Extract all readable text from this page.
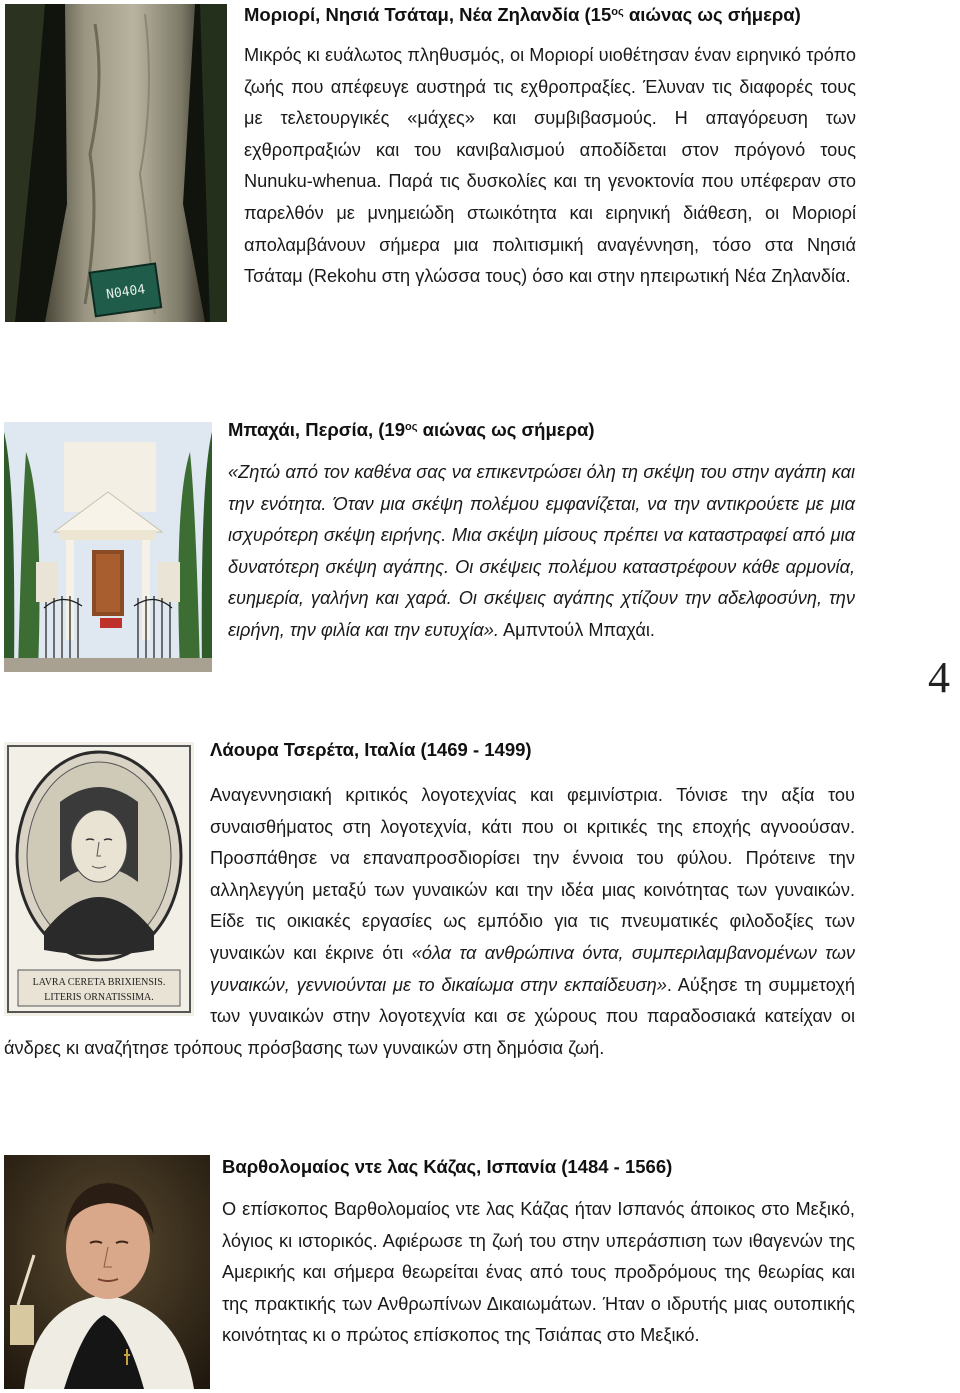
N0404
Μοριορί, Νησιά Τσάταμ, Νέα Ζηλανδία ($15^{o\varsigma}$ αιώνας ως σήμερα)
Μικρός κι ευάλωτος πληθυσμός, οι Μοριορί υιοθέτησαν έναν ειρηνικό τρόπο ζωής που απέφευγε αυστηρά τις εχθροπραξίες. Έλυναν τις διαφορές τους με τελετουργικές «μάχες» και συμβιβασμούς. Η απαγόρευση των εχθροπραξιών και του κανιβαλισμού αποδίδεται στον πρόγονό τους Nunuku-whenua. Παρά τις δυσκολίες και τη γενοκτονία που υπέφεραν στο παρελθόν με μνημειώδη στωικότητα και ειρηνική διάθεση, οι Μοριορί απολαμβάνουν σήμερα μια πολιτισμική αναγέννηση, τόσο στα Νησιά Τσάταμ (Rekohu στη γλώσσα τους) όσο και στην ηπειρωτική Νέα Ζηλανδία.
Μπαχάι, Περσία, ($19^{o\varsigma}$ αιώνας ως σήμερα)
«Ζητώ από τον καθένα σας να επικεντρώσει όλη τη σκέψη του στην αγάπη και την ενότητα. Όταν μια σκέψη πολέμου εμφανίζεται, να την αντικρούετε με μια ισχυρότερη σκέψη ειρήνης. Μια σκέψη μίσους πρέπει να καταστραφεί από μια δυνατότερη σκέψη αγάπης. Οι σκέψεις πολέμου καταστρέφουν κάθε αρμονία, ευημερία, γαλήνη και χαρά. Οι σκέψεις αγάπης χτίζουν την αδελφοσύνη, την ειρήνη, την φιλία και την ευτυχία». Αμπντούλ Μπαχάι.
4
LAVRA CERETA BRIXIENSIS.
LITERIS ORNATISSIMA.
Λάουρα Τσερέτα, Ιταλία (1469 - 1499)
Αναγεννησιακή κριτικός λογοτεχνίας και φεμινίστρια. Τόνισε την αξία του συναισθήματος στη λογοτεχνία, κάτι που οι κριτικές της εποχής αγνοούσαν. Προσπάθησε να επαναπροσδιορίσει την έννοια του φύλου. Πρότεινε την αλληλεγγύη μεταξύ των γυναικών και την ιδέα μιας κοινότητας των γυναικών. Είδε τις οικιακές εργασίες ως εμπόδιο για τις πνευματικές φιλοδοξίες των γυναικών και έκρινε ότι «όλα τα ανθρώπινα όντα, συμπεριλαμβανομένων των γυναικών, γεννιούνται με το δικαίωμα στην εκπαίδευση». Αύξησε τη συμμετοχή των γυναικών στην λογοτεχνία και σε χώρους που παραδοσιακά κατείχαν οι άνδρες κι αναζήτησε τρόπους πρόσβασης των γυναικών στη δημόσια ζωή.
Βαρθολομαίος ντε λας Κάζας, Ισπανία (1484 - 1566)
Ο επίσκοπος Βαρθολομαίος ντε λας Κάζας ήταν Ισπανός άποικος στο Μεξικό, λόγιος κι ιστορικός. Αφιέρωσε τη ζωή του στην υπεράσπιση των ιθαγενών της Αμερικής και σήμερα θεωρείται ένας από τους προδρόμους της θεωρίας και της πρακτικής των Ανθρωπίνων Δικαιωμάτων. Ήταν ο ιδρυτής μιας ουτοπικής κοινότητας κι ο πρώτος επίσκοπος της Τσιάπας στο Μεξικό.
